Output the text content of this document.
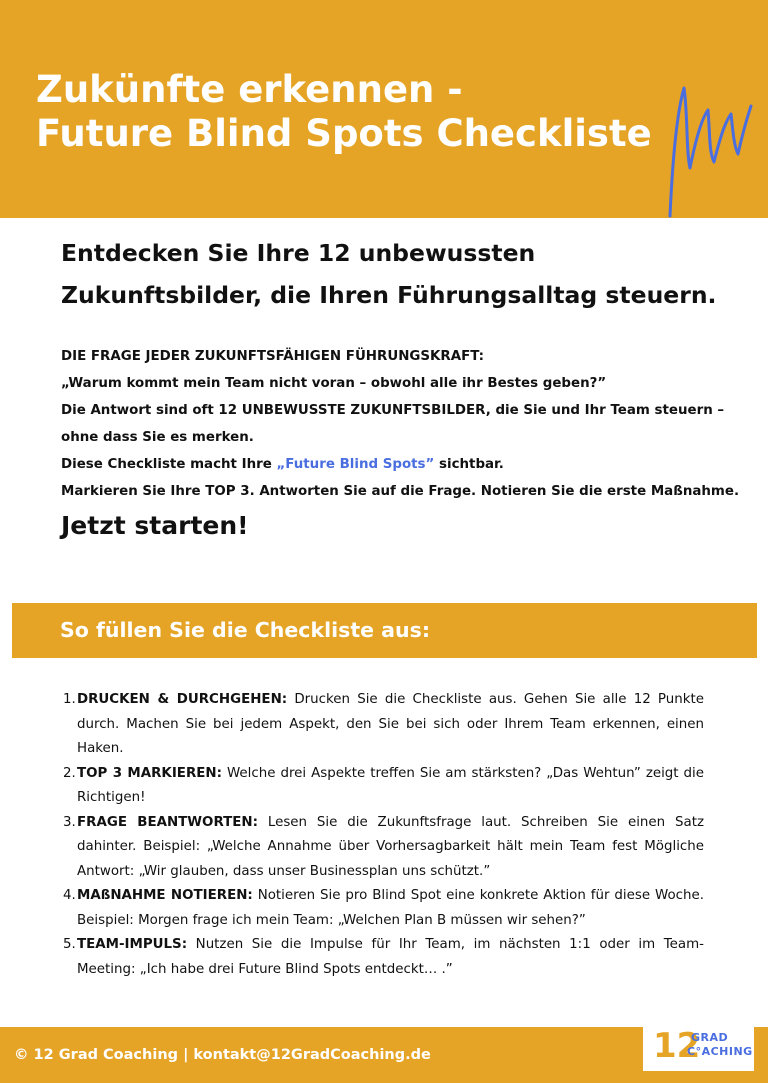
Zukünfte erkennen -
Future Blind Spots Checkliste
Entdecken Sie Ihre 12 unbewussten
Zukunftsbilder, die Ihren Führungsalltag steuern.
DIE FRAGE JEDER ZUKUNFTSFÄHIGEN FÜHRUNGSKRAFT:
„Warum kommt mein Team nicht voran – obwohl alle ihr Bestes geben?”
Die Antwort sind oft 12 UNBEWUSSTE ZUKUNFTSBILDER, die Sie und Ihr Team steuern –
ohne dass Sie es merken.
Diese Checkliste macht Ihre „Future Blind Spots” sichtbar.
Markieren Sie Ihre TOP 3. Antworten Sie auf die Frage. Notieren Sie die erste Maßnahme.
Jetzt starten!
So füllen Sie die Checkliste aus:
1. DRUCKEN & DURCHGEHEN: Drucken Sie die Checkliste aus. Gehen Sie alle 12 Punkte durch. Machen Sie bei jedem Aspekt, den Sie bei sich oder Ihrem Team erkennen, einen Haken.
2. TOP 3 MARKIEREN: Welche drei Aspekte treffen Sie am stärksten? „Das Wehtun” zeigt die Richtigen!
3. FRAGE BEANTWORTEN: Lesen Sie die Zukunftsfrage laut. Schreiben Sie einen Satz dahinter. Beispiel: „Welche Annahme über Vorhersagbarkeit hält mein Team fest Mögliche Antwort: „Wir glauben, dass unser Businessplan uns schützt.”
4. MAßNAHME NOTIEREN: Notieren Sie pro Blind Spot eine konkrete Aktion für diese Woche. Beispiel: Morgen frage ich mein Team: „Welchen Plan B müssen wir sehen?”
5. TEAM-IMPULS: Nutzen Sie die Impulse für Ihr Team, im nächsten 1:1 oder im Team-Meeting: „Ich habe drei Future Blind Spots entdeckt… .”
© 12 Grad Coaching | kontakt@12GradCoaching.de	12
GRAD
C°ACHING
